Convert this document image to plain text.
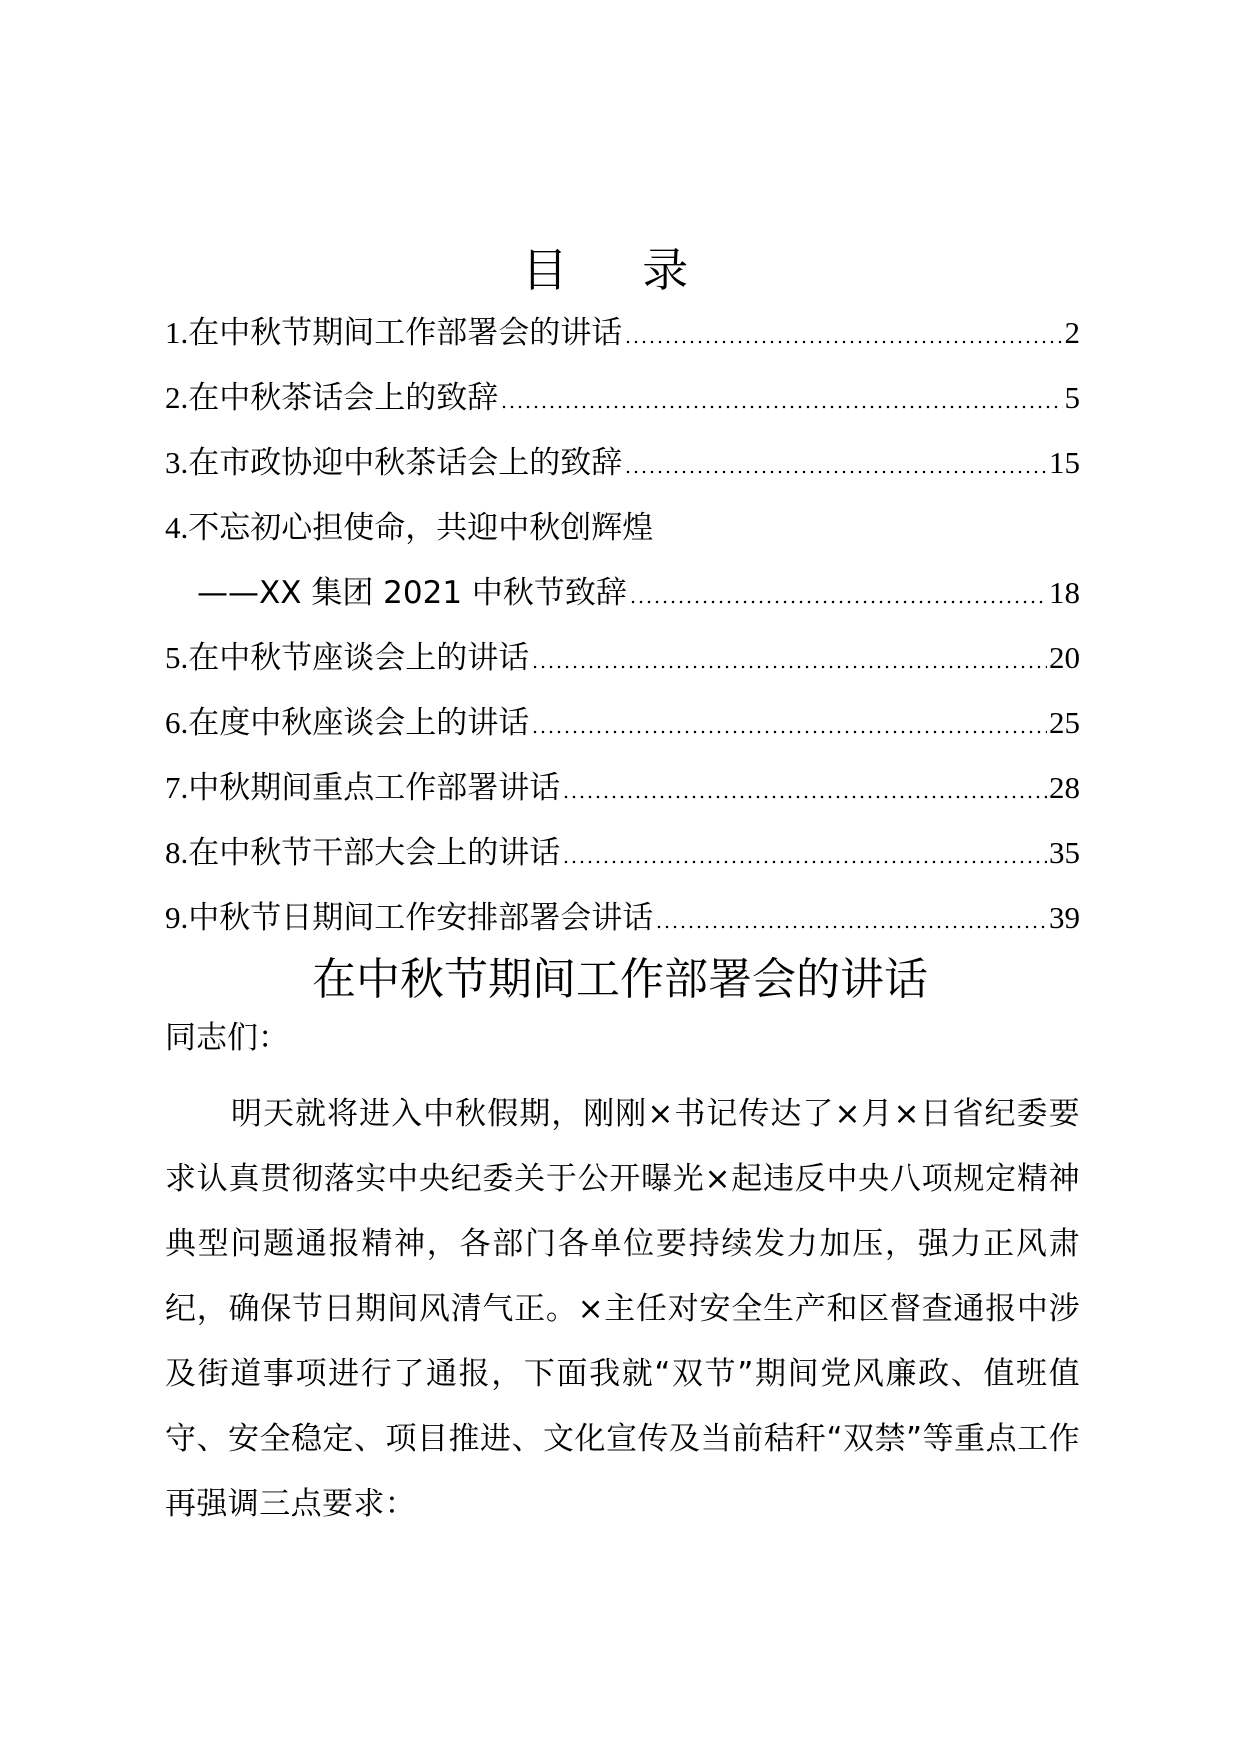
目 录
1. 在中秋节期间工作部署会的讲话	2
2. 在中秋茶话会上的致辞	5
3. 在市政协迎中秋茶话会上的致辞	15
4. 不忘初心担使命，共迎中秋创辉煌
——XX 集团 2021 中秋节致辞	18
5. 在中秋节座谈会上的讲话	20
6. 在度中秋座谈会上的讲话	25
7. 中秋期间重点工作部署讲话	28
8. 在中秋节干部大会上的讲话	35
9. 中秋节日期间工作安排部署会讲话	39
在中秋节期间工作部署会的讲话
同志们：
明天就将进入中秋假期，刚刚×书记传达了×月×日省纪委要求认真贯彻落实中央纪委关于公开曝光×起违反中央八项规定精神典型问题通报精神，各部门各单位要持续发力加压，强力正风肃纪，确保节日期间风清气正。×主任对安全生产和区督查通报中涉及街道事项进行了通报，下面我就“双节”期间党风廉政、值班值守、安全稳定、项目推进、文化宣传及当前秸秆“双禁”等重点工作再强调三点要求：
